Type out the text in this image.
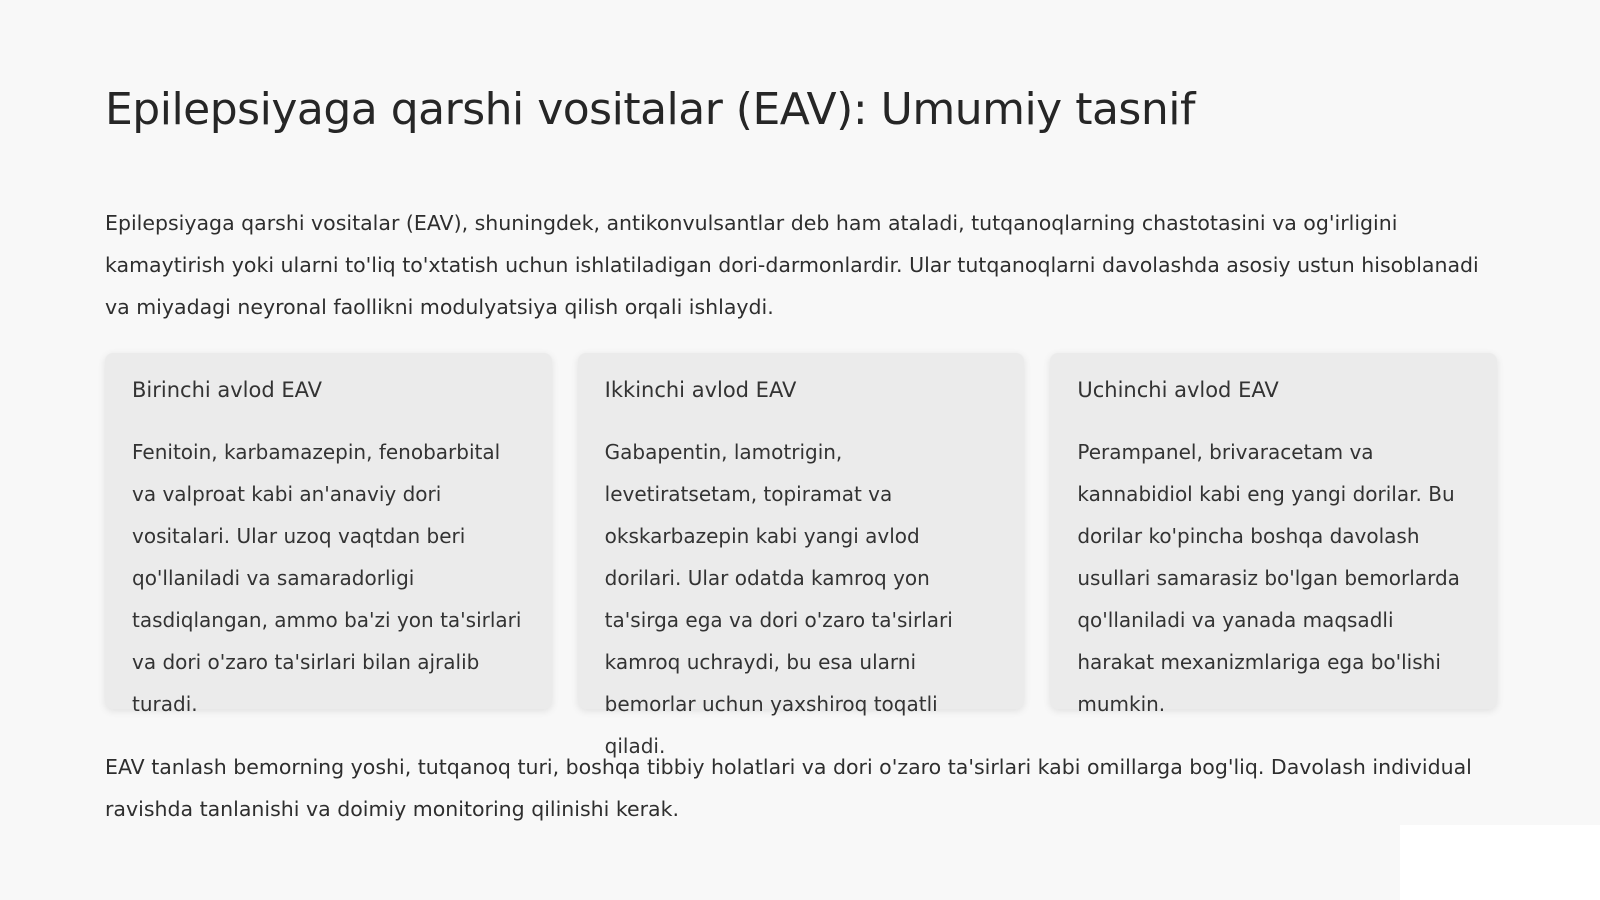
Epilepsiyaga qarshi vositalar (EAV): Umumiy tasnif

Epilepsiyaga qarshi vositalar (EAV), shuningdek, antikonvulsantlar deb ham ataladi, tutqanoqlarning chastotasini va og'irligini kamaytirish yoki ularni to'liq to'xtatish uchun ishlatiladigan dori-darmonlardir. Ular tutqanoqlarni davolashda asosiy ustun hisoblanadi va miyadagi neyronal faollikni modulyatsiya qilish orqali ishlaydi.

Birinchi avlod EAV

Fenitoin, karbamazepin, fenobarbital va valproat kabi an'anaviy dori vositalari. Ular uzoq vaqtdan beri qo'llaniladi va samaradorligi tasdiqlangan, ammo ba'zi yon ta'sirlari va dori o'zaro ta'sirlari bilan ajralib turadi.

Ikkinchi avlod EAV

Gabapentin, lamotrigin, levetiratsetam, topiramat va okskarbazepin kabi yangi avlod dorilari. Ular odatda kamroq yon ta'sirga ega va dori o'zaro ta'sirlari kamroq uchraydi, bu esa ularni bemorlar uchun yaxshiroq toqatli qiladi.

Uchinchi avlod EAV

Perampanel, brivaracetam va kannabidiol kabi eng yangi dorilar. Bu dorilar ko'pincha boshqa davolash usullari samarasiz bo'lgan bemorlarda qo'llaniladi va yanada maqsadli harakat mexanizmlariga ega bo'lishi mumkin.

EAV tanlash bemorning yoshi, tutqanoq turi, boshqa tibbiy holatlari va dori o'zaro ta'sirlari kabi omillarga bog'liq. Davolash individual ravishda tanlanishi va doimiy monitoring qilinishi kerak.
